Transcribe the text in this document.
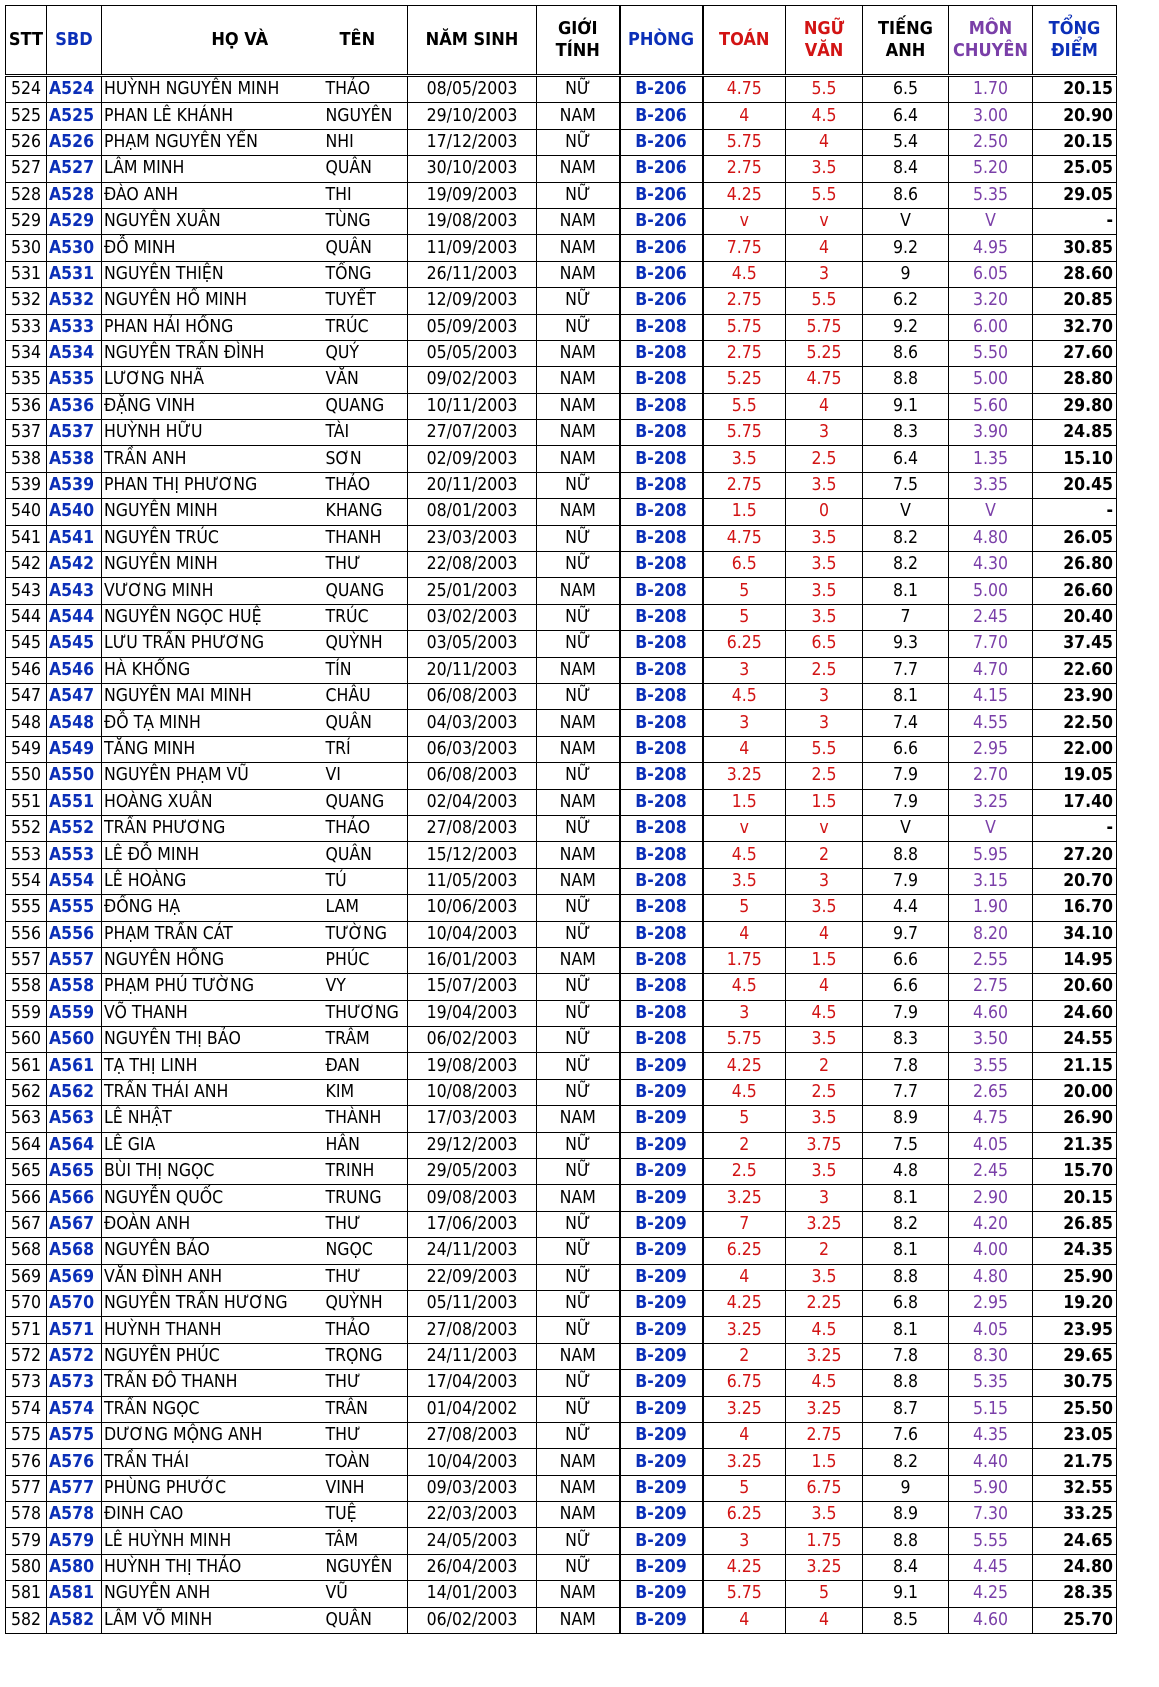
STT	SBD	HỌ VÀ	TÊN	NĂM SINH	GIỚI TÍNH	PHÒNG	TOÁN	NGỮ VĂN	TIẾNG ANH	MÔN CHUYÊN	TỔNG ĐIỂM
524	A524	HUỲNH NGUYỄN MINH	THẢO	08/05/2003	NỮ	B-206	4.75	5.5	6.5	1.70	20.15
525	A525	PHAN LÊ KHÁNH	NGUYÊN	29/10/2003	NAM	B-206	4	4.5	6.4	3.00	20.90
526	A526	PHẠM NGUYỄN YẾN	NHI	17/12/2003	NỮ	B-206	5.75	4	5.4	2.50	20.15
527	A527	LÂM MINH	QUÂN	30/10/2003	NAM	B-206	2.75	3.5	8.4	5.20	25.05
528	A528	ĐÀO ANH	THI	19/09/2003	NỮ	B-206	4.25	5.5	8.6	5.35	29.05
529	A529	NGUYỄN XUÂN	TÙNG	19/08/2003	NAM	B-206	v	v	V	V	-
530	A530	ĐỖ MINH	QUÂN	11/09/2003	NAM	B-206	7.75	4	9.2	4.95	30.85
531	A531	NGUYỄN THIỆN	TỐNG	26/11/2003	NAM	B-206	4.5	3	9	6.05	28.60
532	A532	NGUYỄN HỒ MINH	TUYẾT	12/09/2003	NỮ	B-206	2.75	5.5	6.2	3.20	20.85
533	A533	PHAN HẢI HỒNG	TRÚC	05/09/2003	NỮ	B-208	5.75	5.75	9.2	6.00	32.70
534	A534	NGUYỄN TRẦN ĐÌNH	QUÝ	05/05/2003	NAM	B-208	2.75	5.25	8.6	5.50	27.60
535	A535	LƯƠNG NHÃ	VĂN	09/02/2003	NAM	B-208	5.25	4.75	8.8	5.00	28.80
536	A536	ĐẶNG VINH	QUANG	10/11/2003	NAM	B-208	5.5	4	9.1	5.60	29.80
537	A537	HUỲNH HỮU	TÀI	27/07/2003	NAM	B-208	5.75	3	8.3	3.90	24.85
538	A538	TRẦN ANH	SƠN	02/09/2003	NAM	B-208	3.5	2.5	6.4	1.35	15.10
539	A539	PHAN THỊ PHƯƠNG	THẢO	20/11/2003	NỮ	B-208	2.75	3.5	7.5	3.35	20.45
540	A540	NGUYỄN MINH	KHANG	08/01/2003	NAM	B-208	1.5	0	V	V	-
541	A541	NGUYỄN TRÚC	THANH	23/03/2003	NỮ	B-208	4.75	3.5	8.2	4.80	26.05
542	A542	NGUYỄN MINH	THƯ	22/08/2003	NỮ	B-208	6.5	3.5	8.2	4.30	26.80
543	A543	VƯƠNG MINH	QUANG	25/01/2003	NAM	B-208	5	3.5	8.1	5.00	26.60
544	A544	NGUYỄN NGỌC HUỆ	TRÚC	03/02/2003	NỮ	B-208	5	3.5	7	2.45	20.40
545	A545	LƯU TRẦN PHƯƠNG	QUỲNH	03/05/2003	NỮ	B-208	6.25	6.5	9.3	7.70	37.45
546	A546	HÀ KHỔNG	TÍN	20/11/2003	NAM	B-208	3	2.5	7.7	4.70	22.60
547	A547	NGUYỄN MAI MINH	CHÂU	06/08/2003	NỮ	B-208	4.5	3	8.1	4.15	23.90
548	A548	ĐỖ TẠ MINH	QUÂN	04/03/2003	NAM	B-208	3	3	7.4	4.55	22.50
549	A549	TĂNG MINH	TRÍ	06/03/2003	NAM	B-208	4	5.5	6.6	2.95	22.00
550	A550	NGUYỄN PHẠM VŨ	VI	06/08/2003	NỮ	B-208	3.25	2.5	7.9	2.70	19.05
551	A551	HOÀNG XUÂN	QUANG	02/04/2003	NAM	B-208	1.5	1.5	7.9	3.25	17.40
552	A552	TRẦN PHƯƠNG	THẢO	27/08/2003	NỮ	B-208	v	v	V	V	-
553	A553	LÊ ĐỖ MINH	QUÂN	15/12/2003	NAM	B-208	4.5	2	8.8	5.95	27.20
554	A554	LÊ HOÀNG	TÚ	11/05/2003	NAM	B-208	3.5	3	7.9	3.15	20.70
555	A555	ĐỒNG HẠ	LAM	10/06/2003	NỮ	B-208	5	3.5	4.4	1.90	16.70
556	A556	PHẠM TRẦN CÁT	TƯỜNG	10/04/2003	NỮ	B-208	4	4	9.7	8.20	34.10
557	A557	NGUYỄN HỒNG	PHÚC	16/01/2003	NAM	B-208	1.75	1.5	6.6	2.55	14.95
558	A558	PHẠM PHÚ TƯỜNG	VY	15/07/2003	NỮ	B-208	4.5	4	6.6	2.75	20.60
559	A559	VÕ THANH	THƯƠNG	19/04/2003	NỮ	B-208	3	4.5	7.9	4.60	24.60
560	A560	NGUYỄN THỊ BẢO	TRÂM	06/02/2003	NỮ	B-208	5.75	3.5	8.3	3.50	24.55
561	A561	TẠ THỊ LINH	ĐAN	19/08/2003	NỮ	B-209	4.25	2	7.8	3.55	21.15
562	A562	TRẦN THÁI ANH	KIM	10/08/2003	NỮ	B-209	4.5	2.5	7.7	2.65	20.00
563	A563	LÊ NHẬT	THÀNH	17/03/2003	NAM	B-209	5	3.5	8.9	4.75	26.90
564	A564	LÊ GIA	HÂN	29/12/2003	NỮ	B-209	2	3.75	7.5	4.05	21.35
565	A565	BÙI THỊ NGỌC	TRINH	29/05/2003	NỮ	B-209	2.5	3.5	4.8	2.45	15.70
566	A566	NGUYỄN QUỐC	TRUNG	09/08/2003	NAM	B-209	3.25	3	8.1	2.90	20.15
567	A567	ĐOÀN ANH	THƯ	17/06/2003	NỮ	B-209	7	3.25	8.2	4.20	26.85
568	A568	NGUYỄN BẢO	NGỌC	24/11/2003	NỮ	B-209	6.25	2	8.1	4.00	24.35
569	A569	VĂN ĐÌNH ANH	THƯ	22/09/2003	NỮ	B-209	4	3.5	8.8	4.80	25.90
570	A570	NGUYỄN TRẦN HƯƠNG	QUỲNH	05/11/2003	NỮ	B-209	4.25	2.25	6.8	2.95	19.20
571	A571	HUỲNH THANH	THẢO	27/08/2003	NỮ	B-209	3.25	4.5	8.1	4.05	23.95
572	A572	NGUYỄN PHÚC	TRỌNG	24/11/2003	NAM	B-209	2	3.25	7.8	8.30	29.65
573	A573	TRẦN ĐỖ THANH	THƯ	17/04/2003	NỮ	B-209	6.75	4.5	8.8	5.35	30.75
574	A574	TRẦN NGỌC	TRÂN	01/04/2002	NỮ	B-209	3.25	3.25	8.7	5.15	25.50
575	A575	DƯƠNG MỘNG ANH	THƯ	27/08/2003	NỮ	B-209	4	2.75	7.6	4.35	23.05
576	A576	TRẦN THÁI	TOÀN	10/04/2003	NAM	B-209	3.25	1.5	8.2	4.40	21.75
577	A577	PHÙNG PHƯỚC	VINH	09/03/2003	NAM	B-209	5	6.75	9	5.90	32.55
578	A578	ĐINH CAO	TUỆ	22/03/2003	NAM	B-209	6.25	3.5	8.9	7.30	33.25
579	A579	LÊ HUỲNH MINH	TÂM	24/05/2003	NỮ	B-209	3	1.75	8.8	5.55	24.65
580	A580	HUỲNH THỊ THẢO	NGUYÊN	26/04/2003	NỮ	B-209	4.25	3.25	8.4	4.45	24.80
581	A581	NGUYỄN ANH	VŨ	14/01/2003	NAM	B-209	5.75	5	9.1	4.25	28.35
582	A582	LÂM VÕ MINH	QUÂN	06/02/2003	NAM	B-209	4	4	8.5	4.60	25.70
